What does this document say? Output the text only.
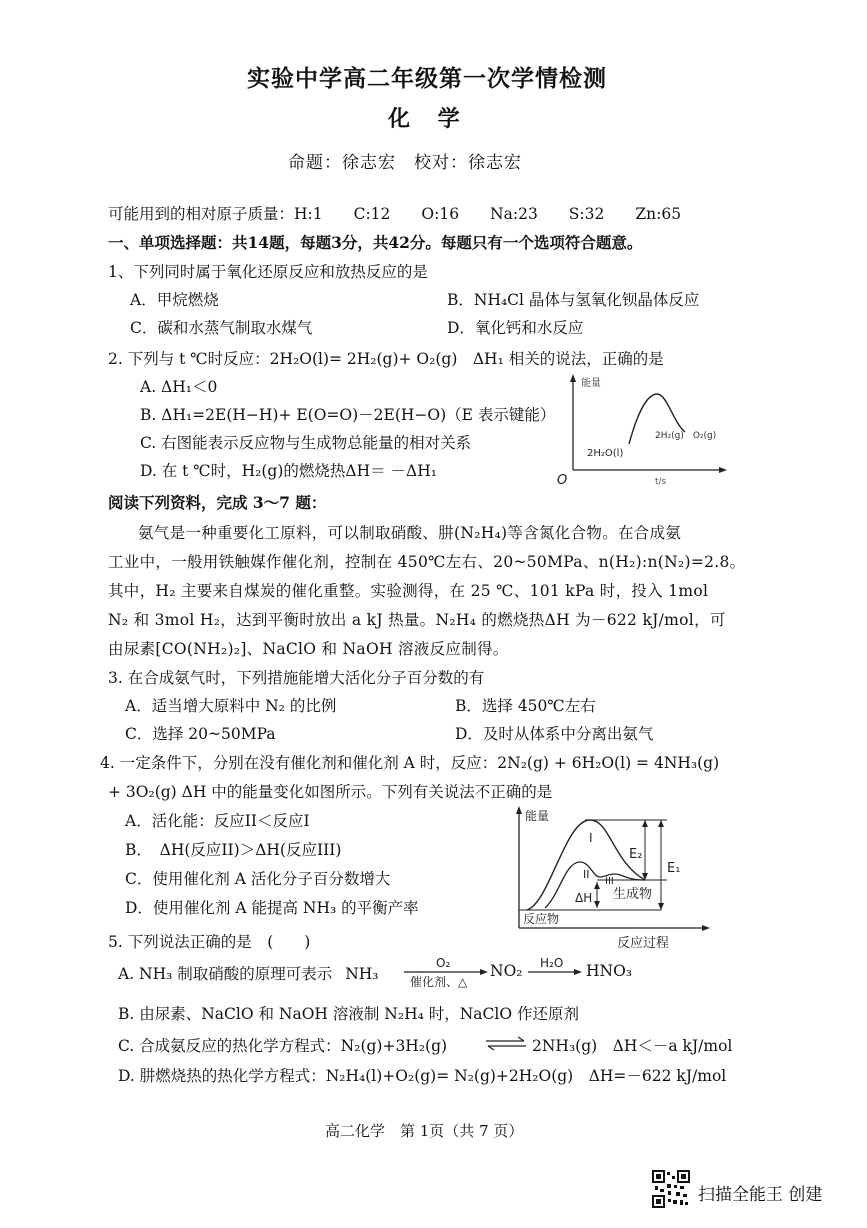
实验中学高二年级第一次学情检测
化 学
命题：徐志宏　校对：徐志宏
可能用到的相对原子质量：H:1　　C:12　　O:16　　Na:23　　S:32　　Zn:65
一、单项选择题：共14题，每题3分，共42分。每题只有一个选项符合题意。
1、下列同时属于氧化还原反应和放热反应的是
A．甲烷燃烧	B．NH₄Cl 晶体与氢氧化钡晶体反应
C．碳和水蒸气制取水煤气	D．氧化钙和水反应
2. 下列与 t ℃时反应：2H₂O(l)= 2H₂(g)+ O₂(g)　ΔH₁ 相关的说法，正确的是
A. ΔH₁＜0
B. ΔH₁=2E(H−H)+ E(O=O)－2E(H−O)（E 表示键能）
C. 右图能表示反应物与生成物总能量的相对关系
D. 在 t ℃时，H₂(g)的燃烧热ΔH＝ －ΔH₁
能量
2H₂O(l)
2H₂(g)　O₂(g)
O	t/s
阅读下列资料，完成 3～7 题：
氨气是一种重要化工原料，可以制取硝酸、肼(N₂H₄)等含氮化合物。在合成氨
工业中，一般用铁触媒作催化剂，控制在 450℃左右、20~50MPa、n(H₂):n(N₂)=2.8。
其中，H₂ 主要来自煤炭的催化重整。实验测得，在 25 ℃、101 kPa 时，投入 1mol
N₂ 和 3mol H₂，达到平衡时放出 a kJ 热量。N₂H₄ 的燃烧热ΔH 为－622 kJ/mol，可
由尿素[CO(NH₂)₂]、NaClO 和 NaOH 溶液反应制得。
3. 在合成氨气时，下列措施能增大活化分子百分数的有
A．适当增大原料中 N₂ 的比例	B．选择 450℃左右
C．选择 20~50MPa	D．及时从体系中分离出氨气
4. 一定条件下，分别在没有催化剂和催化剂 A 时，反应：2N₂(g) + 6H₂O(l) = 4NH₃(g)
+ 3O₂(g) ΔH 中的能量变化如图所示。下列有关说法不正确的是
A．活化能：反应II＜反应I
B．　ΔH(反应II)＞ΔH(反应III)
C．使用催化剂 A 活化分子百分数增大
D．使用催化剂 A 能提高 NH₃ 的平衡产率
能量
反应物
I
II
III
E₂
E₁
ΔH 生成物
反应过程
5. 下列说法正确的是　(　　)
A. NH₃ 制取硝酸的原理可表示 NH₃
O₂
催化剂、△
NO₂ H₂O HNO₃
B. 由尿素、NaClO 和 NaOH 溶液制 N₂H₄ 时，NaClO 作还原剂
C. 合成氨反应的热化学方程式：N₂(g)+3H₂(g) ⇌ 2NH₃(g)　ΔH＜－a kJ/mol
D. 肼燃烧热的热化学方程式：N₂H₄(l)+O₂(g)= N₂(g)+2H₂O(g)　ΔH=－622 kJ/mol
高二化学　第 1页（共 7 页）
扫描全能王 创建
